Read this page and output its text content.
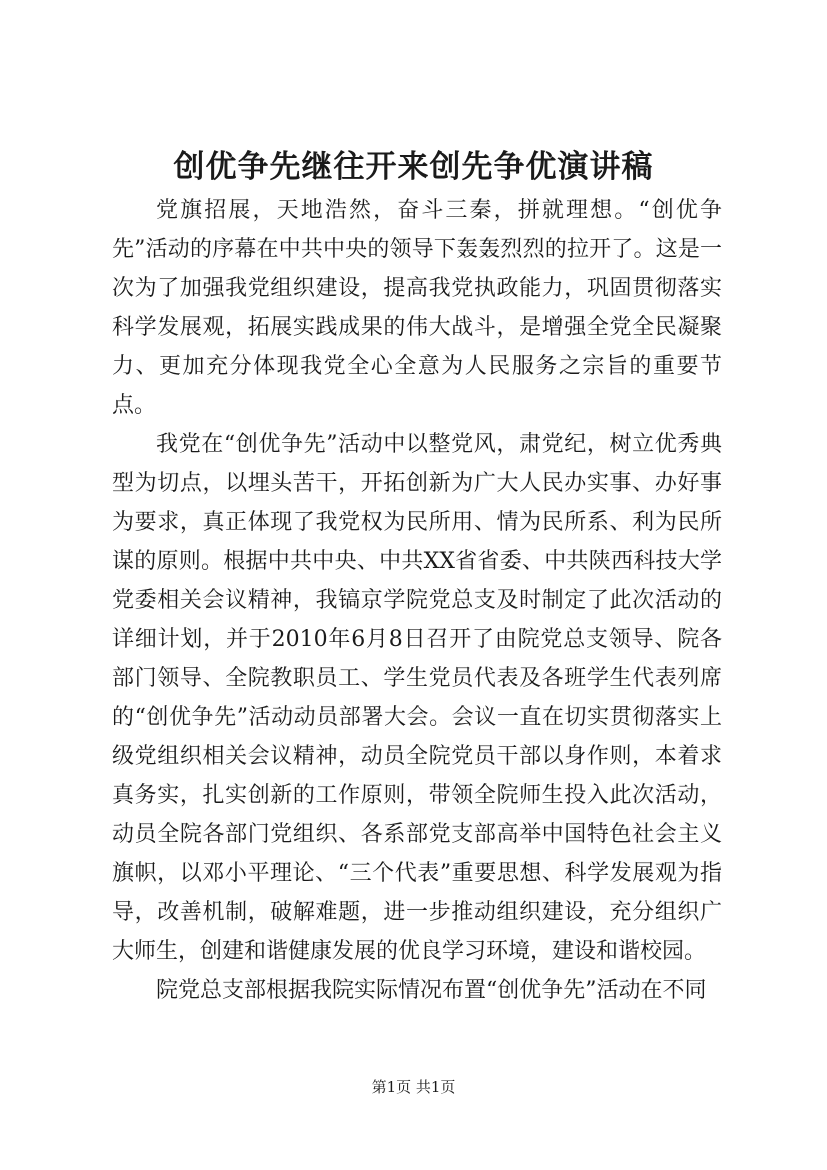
创优争先继往开来创先争优演讲稿

党旗招展，天地浩然，奋斗三秦，拼就理想。“创优争先”活动的序幕在中共中央的领导下轰轰烈烈的拉开了。这是一次为了加强我党组织建设，提高我党执政能力，巩固贯彻落实科学发展观，拓展实践成果的伟大战斗，是增强全党全民凝聚力、更加充分体现我党全心全意为人民服务之宗旨的重要节点。

我党在“创优争先”活动中以整党风，肃党纪，树立优秀典型为切点，以埋头苦干，开拓创新为广大人民办实事、办好事为要求，真正体现了我党权为民所用、情为民所系、利为民所谋的原则。根据中共中央、中共XX省省委、中共陕西科技大学党委相关会议精神，我镐京学院党总支及时制定了此次活动的详细计划，并于2010年6月8日召开了由院党总支领导、院各部门领导、全院教职员工、学生党员代表及各班学生代表列席的“创优争先”活动动员部署大会。会议一直在切实贯彻落实上级党组织相关会议精神，动员全院党员干部以身作则，本着求真务实，扎实创新的工作原则，带领全院师生投入此次活动，动员全院各部门党组织、各系部党支部高举中国特色社会主义旗帜，以邓小平理论、“三个代表”重要思想、科学发展观为指导，改善机制，破解难题，进一步推动组织建设，充分组织广大师生，创建和谐健康发展的优良学习环境，建设和谐校园。

院党总支部根据我院实际情况布置“创优争先”活动在不同

第1页 共1页
